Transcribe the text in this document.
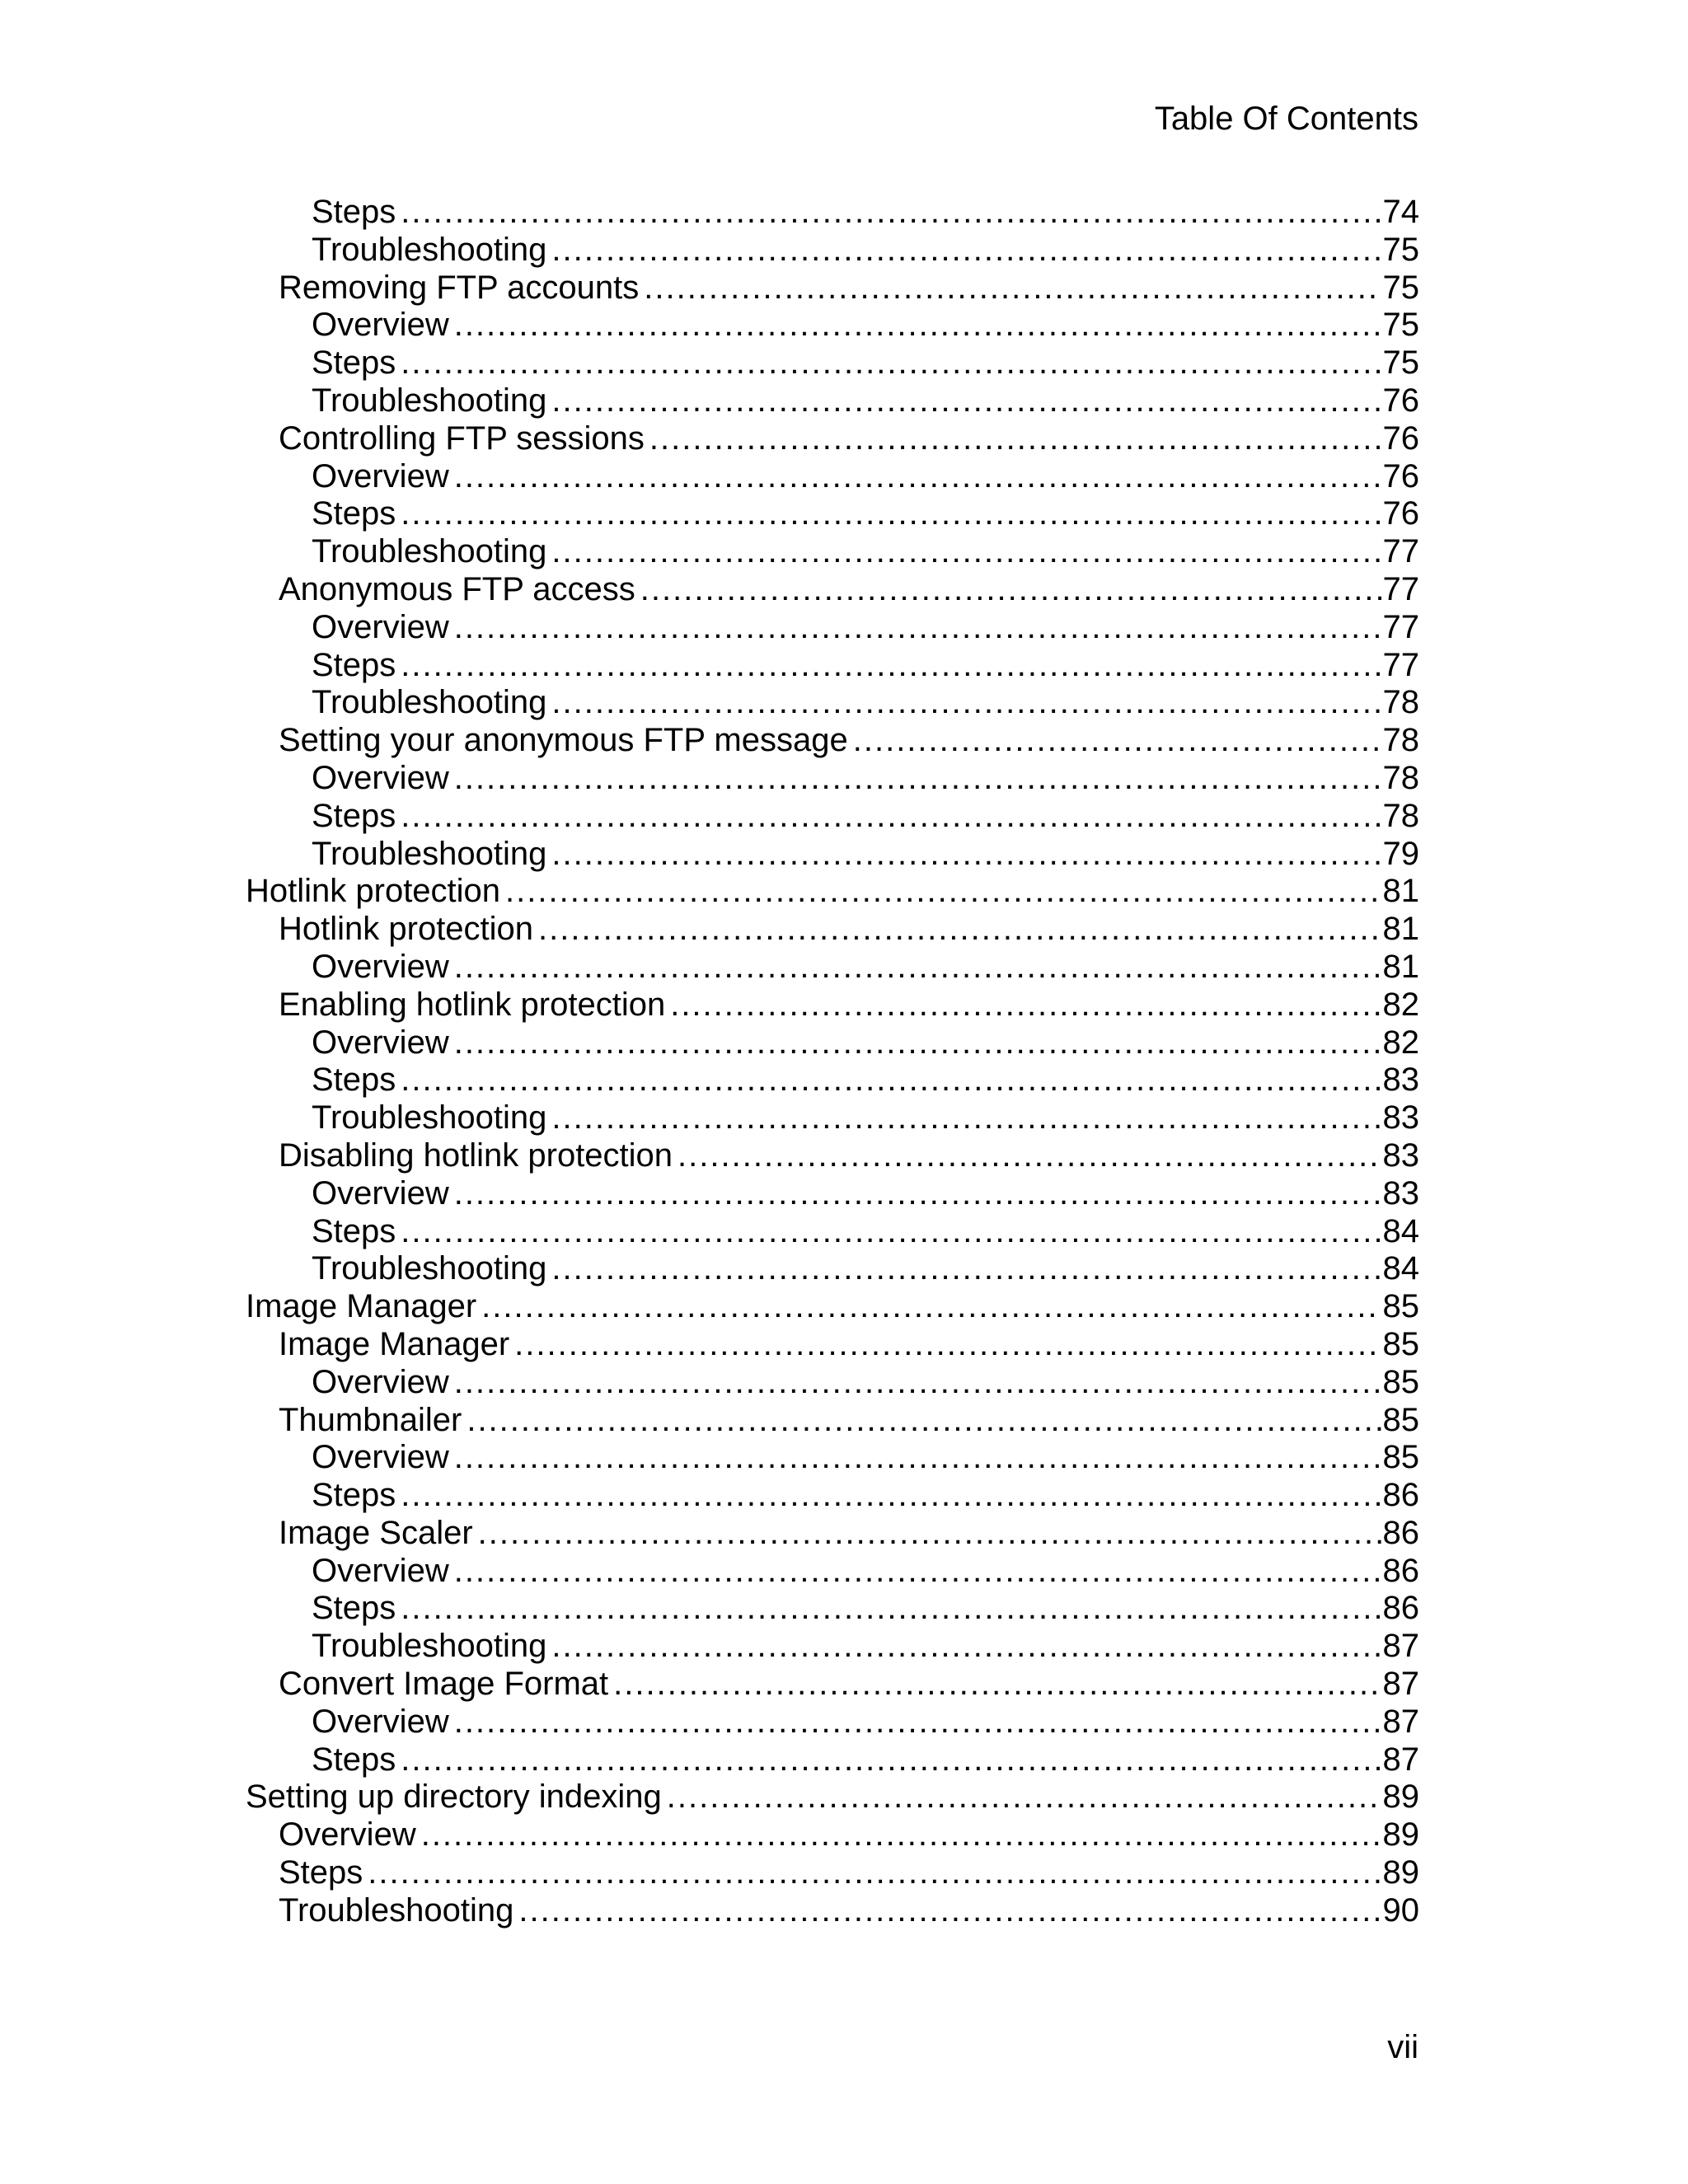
Table Of Contents
Steps .....	74
Troubleshooting .....	75
Removing FTP accounts .....	75
Overview .....	75
Steps .....	75
Troubleshooting .....	76
Controlling FTP sessions .....	76
Overview .....	76
Steps .....	76
Troubleshooting .....	77
Anonymous FTP access .....	77
Overview .....	77
Steps .....	77
Troubleshooting .....	78
Setting your anonymous FTP message .....	78
Overview .....	78
Steps .....	78
Troubleshooting .....	79
Hotlink protection .....	81
Hotlink protection .....	81
Overview .....	81
Enabling hotlink protection .....	82
Overview .....	82
Steps .....	83
Troubleshooting .....	83
Disabling hotlink protection .....	83
Overview .....	83
Steps .....	84
Troubleshooting .....	84
Image Manager .....	85
Image Manager .....	85
Overview .....	85
Thumbnailer .....	85
Overview .....	85
Steps .....	86
Image Scaler .....	86
Overview .....	86
Steps .....	86
Troubleshooting .....	87
Convert Image Format .....	87
Overview .....	87
Steps .....	87
Setting up directory indexing .....	89
Overview .....	89
Steps .....	89
Troubleshooting .....	90
vii
